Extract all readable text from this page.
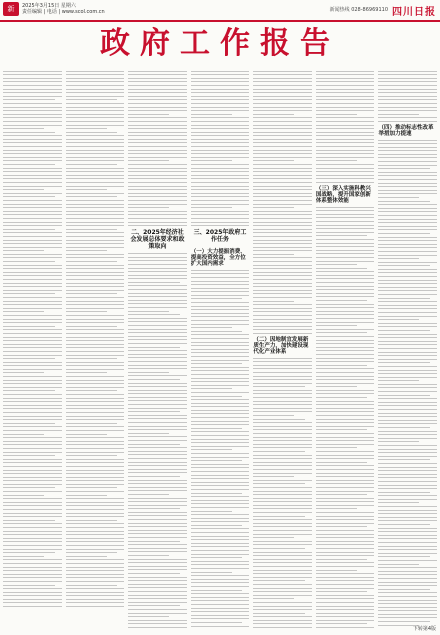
新	2025年3月15日 星期六
责任编辑 | 电话 | www.scol.com.cn	新闻热线 028-86969110 四川日报
政府工作报告
二、2025年经济社会发展总体要求和政策取向
三、2025年政府工作任务
（一）大力提振消费、提高投资效益，全方位扩大国内需求
（二）因地制宜发展新质生产力，加快建设现代化产业体系
（三）深入实施科教兴国战略，提升国家创新体系整体效能
（四）推动标志性改革举措加力提速
下转第4版
